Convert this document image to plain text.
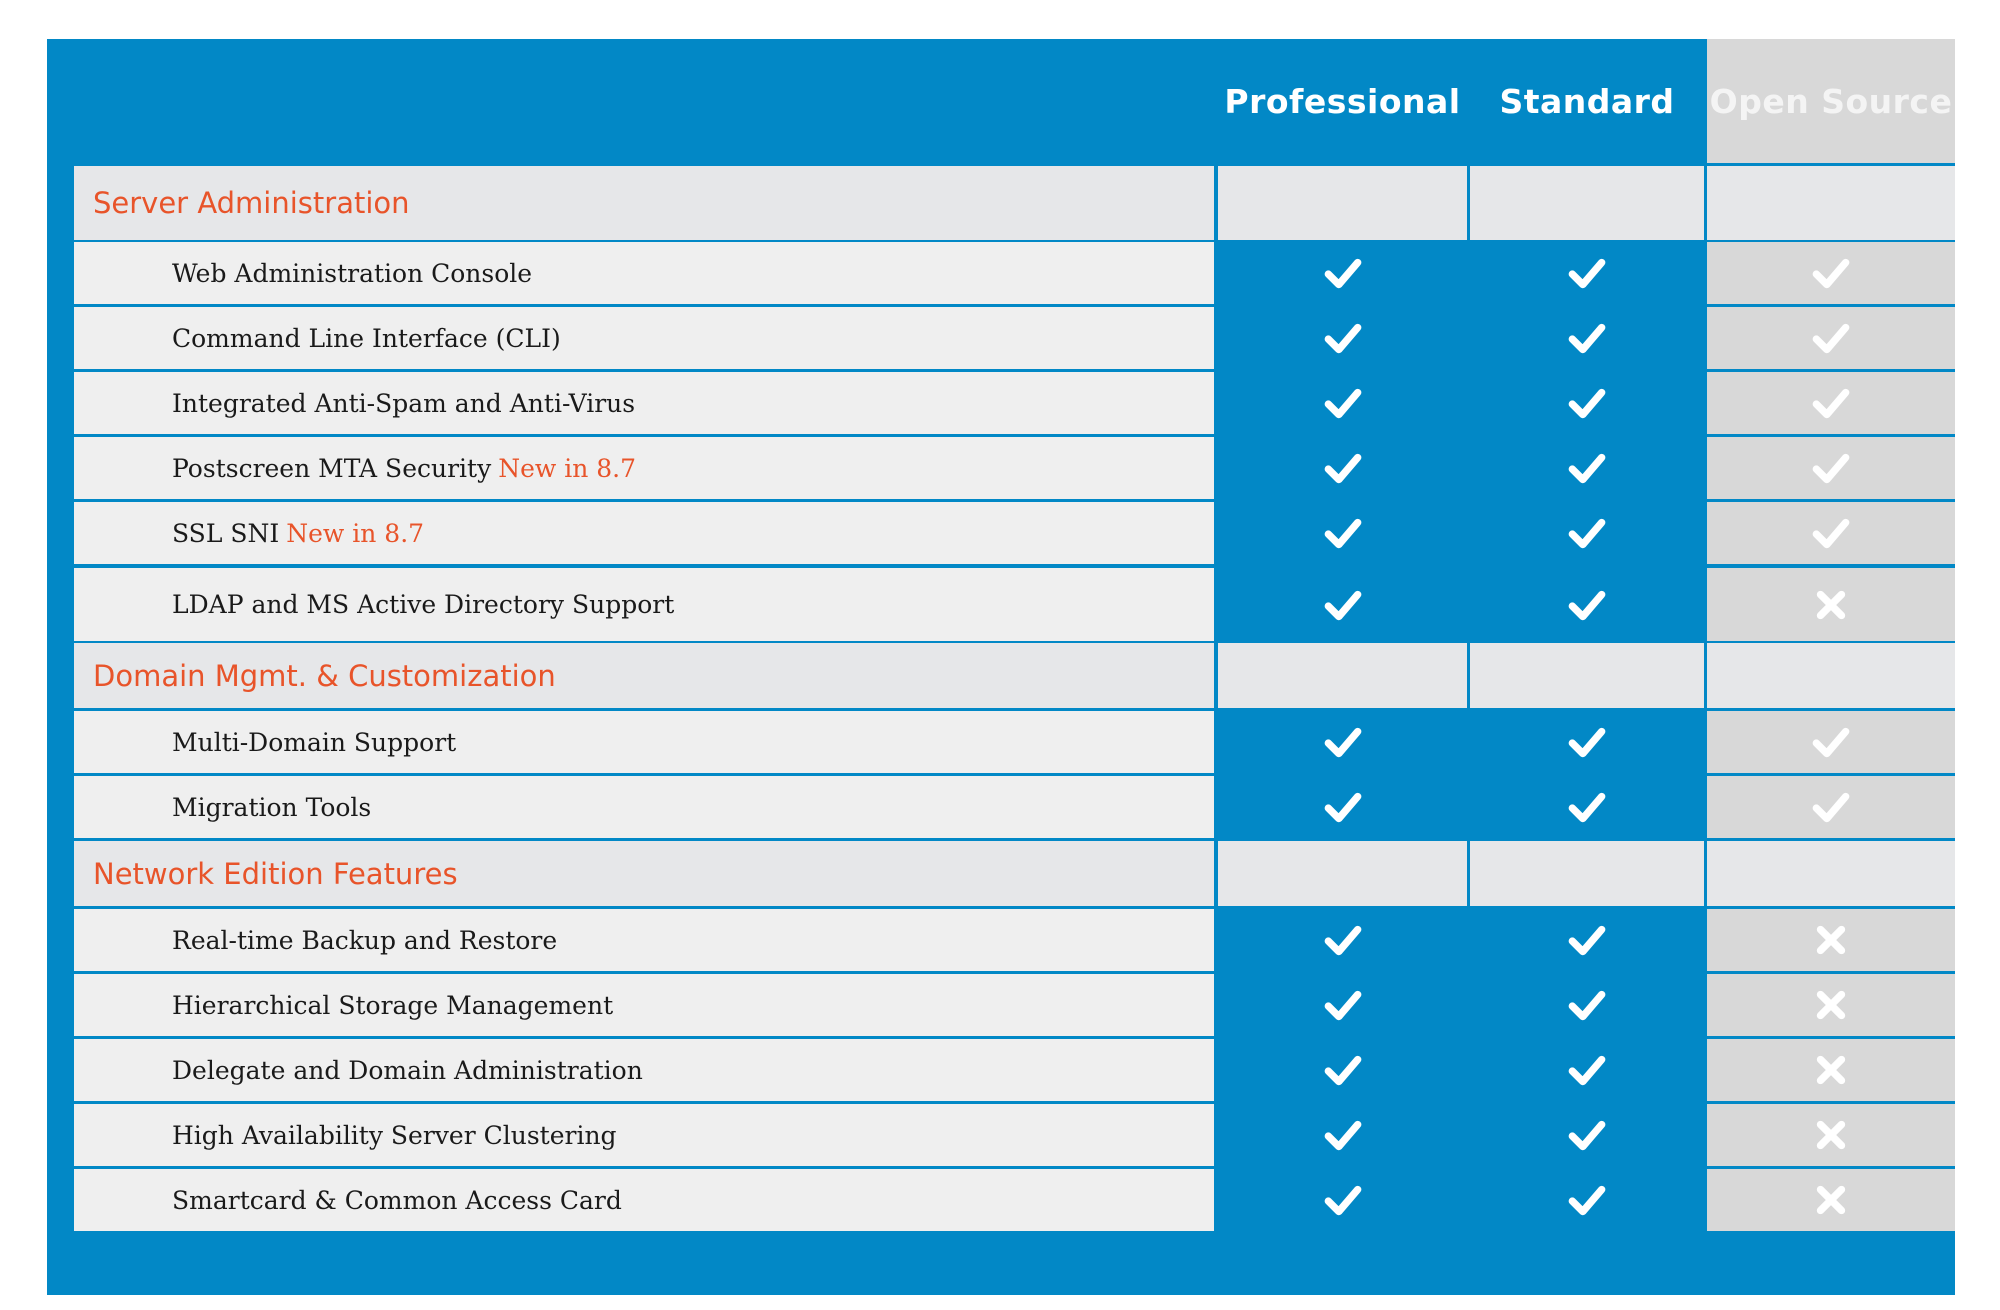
Professional	Standard	Open Source
Server Administration
Web Administration Console
Command Line Interface (CLI)
Integrated Anti-Spam and Anti-Virus
Postscreen MTA Security New in 8.7
SSL SNI New in 8.7
LDAP and MS Active Directory Support
Domain Mgmt. & Customization
Multi-Domain Support
Migration Tools
Network Edition Features
Real-time Backup and Restore
Hierarchical Storage Management
Delegate and Domain Administration
High Availability Server Clustering
Smartcard & Common Access Card
